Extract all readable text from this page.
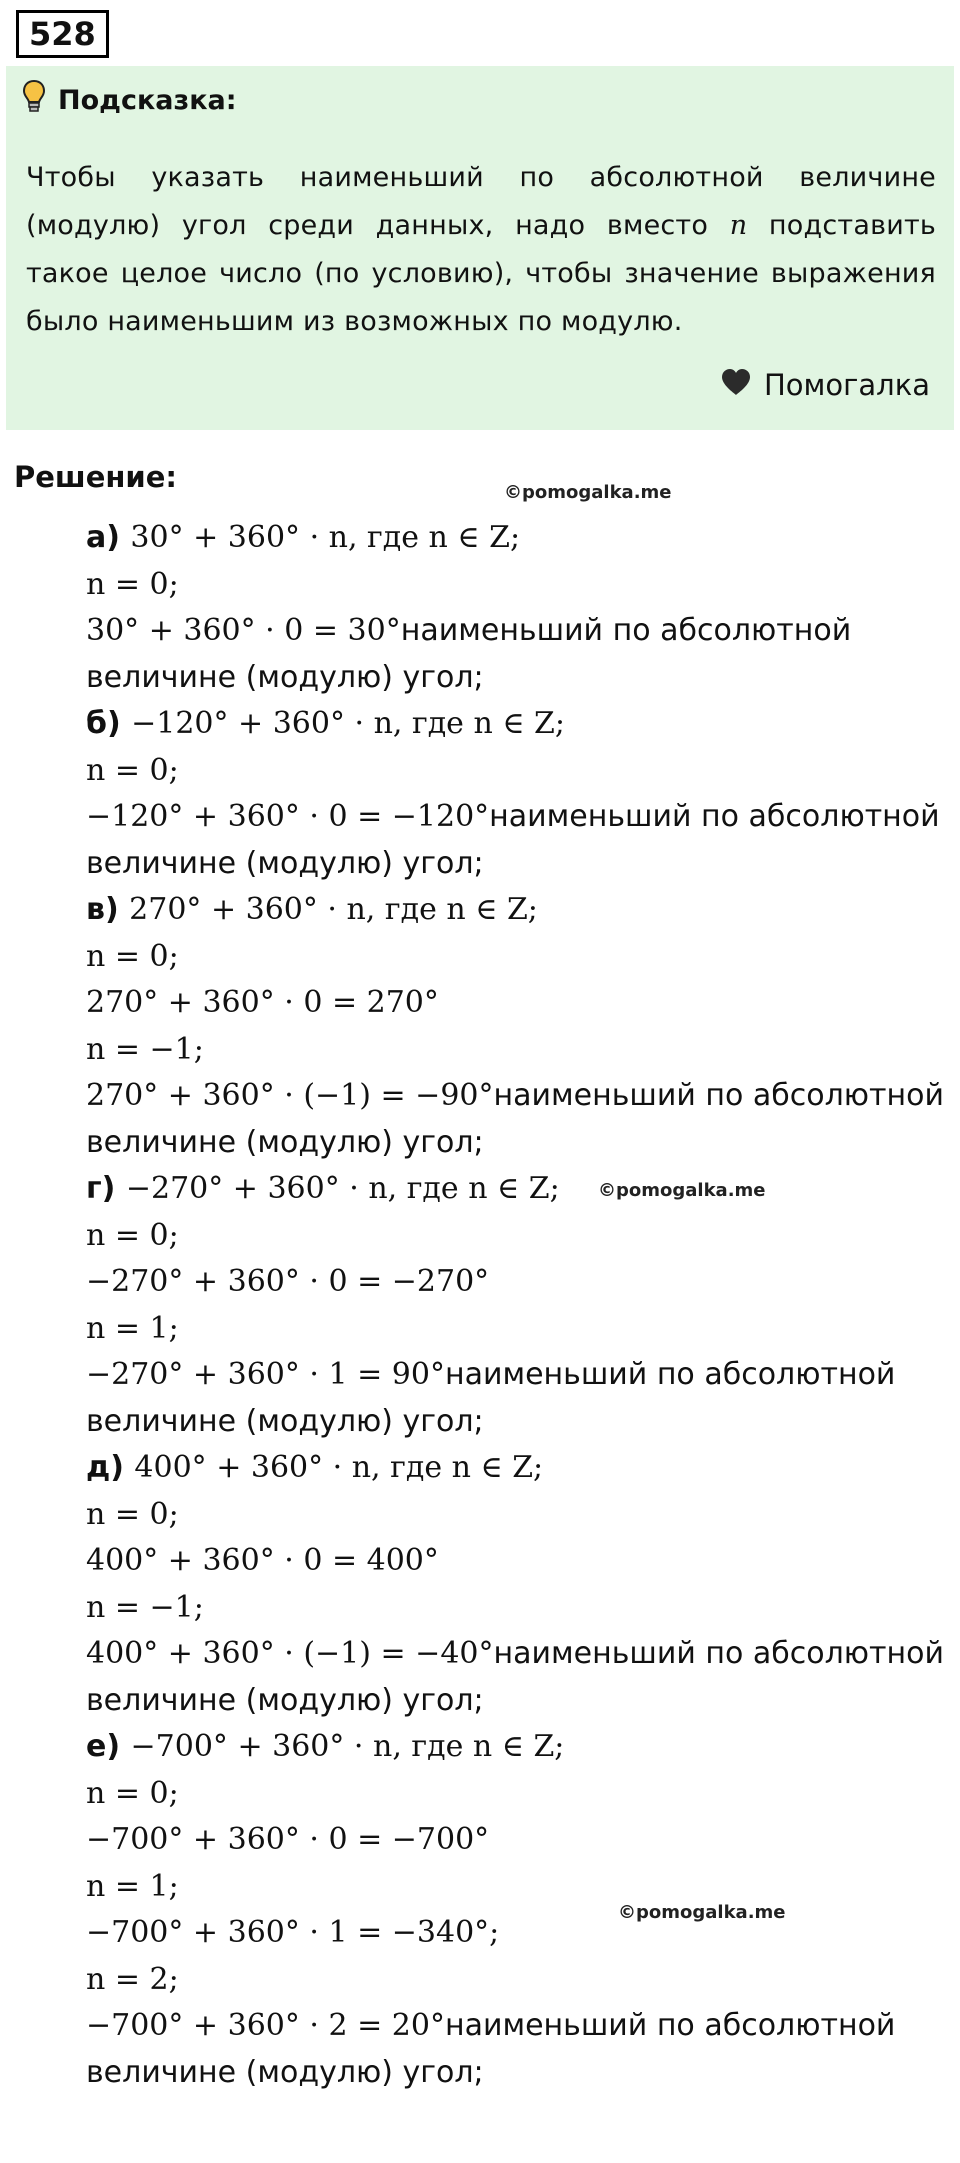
528
Подсказка:
Чтобы указать наименьший по абсолютной величине (модулю) угол среди данных, надо вместо n подставить такое целое число (по условию), чтобы значение выражения было наименьшим из возможных по модулю.
Помогалка
Решение:	©pomogalka.me
©pomogalka.me
©pomogalka.me
а) 30° + 360° · n, где n ∈ Z;
n = 0;
30° + 360° · 0 = 30°наименьший по абсолютной
величине (модулю) угол;
б) −120° + 360° · n, где n ∈ Z;
n = 0;
−120° + 360° · 0 = −120°наименьший по абсолютной
величине (модулю) угол;
в) 270° + 360° · n, где n ∈ Z;
n = 0;
270° + 360° · 0 = 270°
n = −1;
270° + 360° · (−1) = −90°наименьший по абсолютной
величине (модулю) угол;
г) −270° + 360° · n, где n ∈ Z;
n = 0;
−270° + 360° · 0 = −270°
n = 1;
−270° + 360° · 1 = 90°наименьший по абсолютной
величине (модулю) угол;
д) 400° + 360° · n, где n ∈ Z;
n = 0;
400° + 360° · 0 = 400°
n = −1;
400° + 360° · (−1) = −40°наименьший по абсолютной
величине (модулю) угол;
е) −700° + 360° · n, где n ∈ Z;
n = 0;
−700° + 360° · 0 = −700°
n = 1;
−700° + 360° · 1 = −340°;
n = 2;
−700° + 360° · 2 = 20°наименьший по абсолютной
величине (модулю) угол;
